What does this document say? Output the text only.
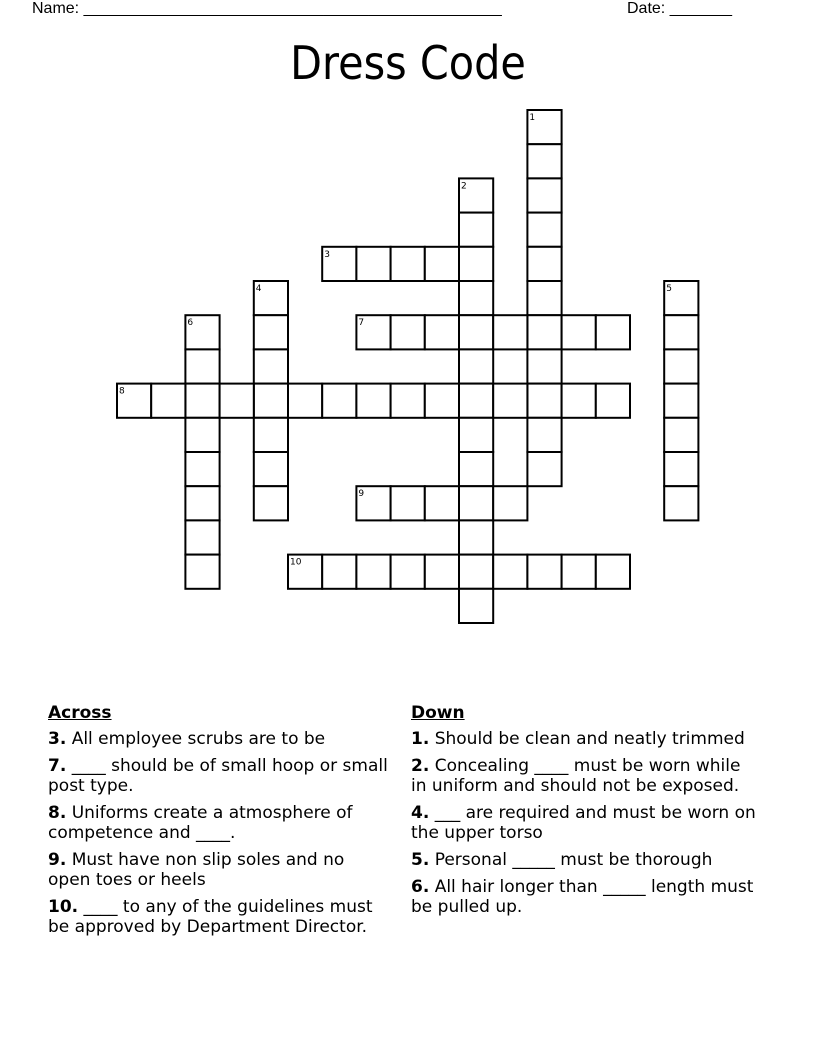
Name: _______________________________________________	Date: _______
Dress Code
1
2
3
4	5
6	7
8
9
10
Across
3. All employee scrubs are to be
7. ____ should be of small hoop or small post type.
8. Uniforms create a atmosphere of competence and ____.
9. Must have non slip soles and no open toes or heels
10. ____ to any of the guidelines must be approved by Department Director.
Down
1. Should be clean and neatly trimmed
2. Concealing ____ must be worn while in uniform and should not be exposed.
4. ___ are required and must be worn on the upper torso
5. Personal _____ must be thorough
6. All hair longer than _____ length must be pulled up.
